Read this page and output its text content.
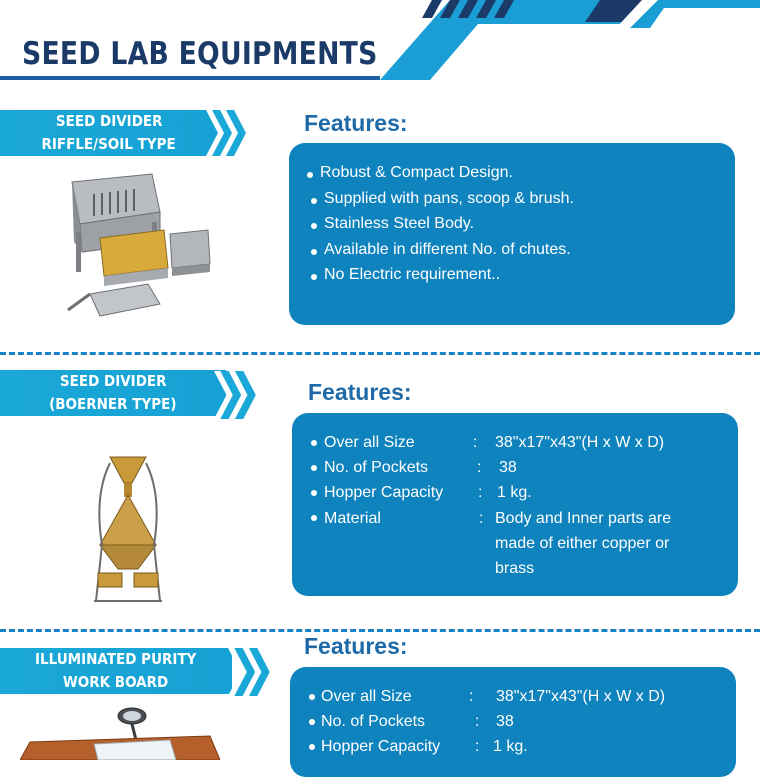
SEED LAB EQUIPMENTS
SEED DIVIDER
RIFFLE/SOIL TYPE
Features:
Robust & Compact Design.
Supplied with pans, scoop & brush.
Stainless Steel Body.
Available in different No. of chutes.
No Electric requirement..
SEED DIVIDER
(BOERNER TYPE)	Features:
Over all Size	: 38"x17"x43"(H x W x D)
No. of Pockets	: 38
Hopper Capacity : 1 kg.
Material	: Body and Inner parts are
made of either copper or
brass
ILLUMINATED PURITY
WORK BOARD
Features:
Over all Size	: 38"x17"x43"(H x W x D)
No. of Pockets	: 38
Hopper Capacity : 1 kg.
